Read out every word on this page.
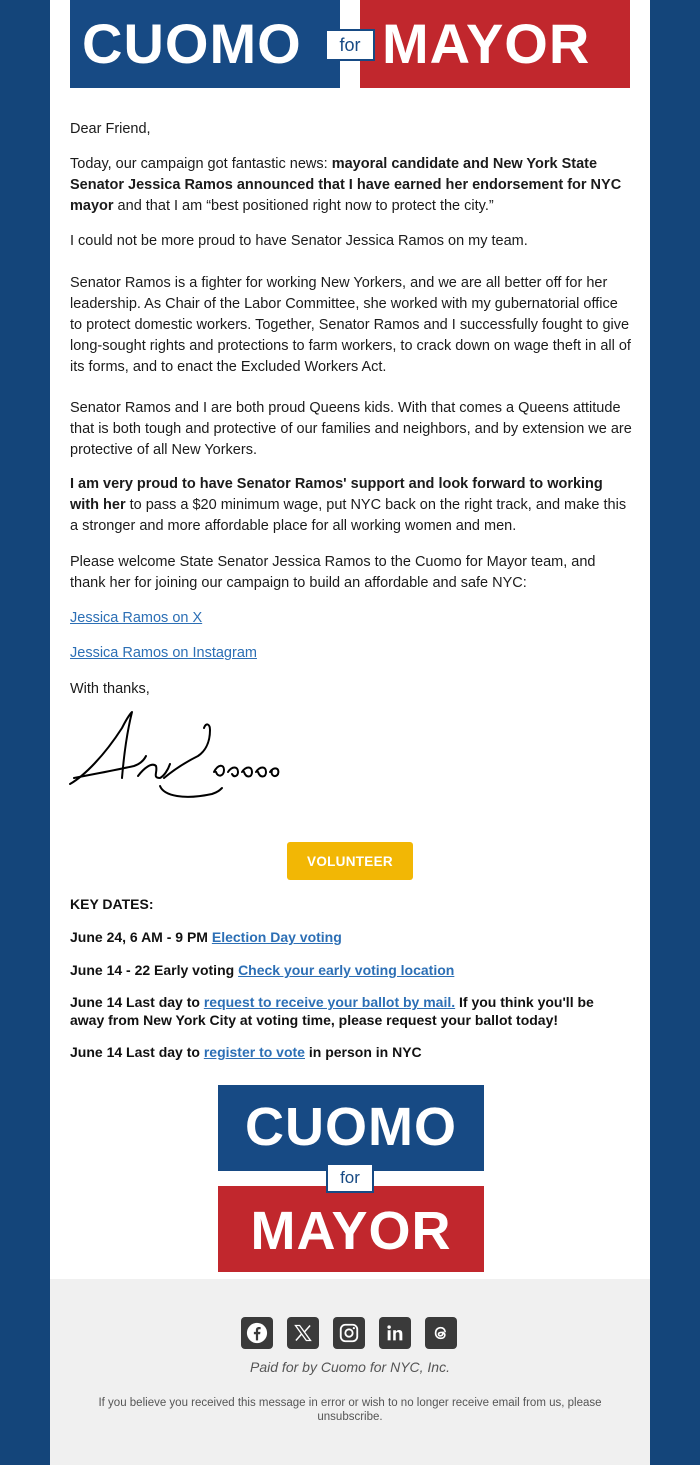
CUOMO	MAYOR
for

Dear Friend,

Today, our campaign got fantastic news: mayoral candidate and New York State Senator Jessica Ramos announced that I have earned her endorsement for NYC mayor and that I am “best positioned right now to protect the city.”

I could not be more proud to have Senator Jessica Ramos on my team.

Senator Ramos is a fighter for working New Yorkers, and we are all better off for her leadership. As Chair of the Labor Committee, she worked with my gubernatorial office to protect domestic workers. Together, Senator Ramos and I successfully fought to give long-sought rights and protections to farm workers, to crack down on wage theft in all of its forms, and to enact the Excluded Workers Act.

Senator Ramos and I are both proud Queens kids. With that comes a Queens attitude that is both tough and protective of our families and neighbors, and by extension we are protective of all New Yorkers.

I am very proud to have Senator Ramos' support and look forward to working with her to pass a $20 minimum wage, put NYC back on the right track, and make this a stronger and more affordable place for all working women and men.

Please welcome State Senator Jessica Ramos to the Cuomo for Mayor team, and thank her for joining our campaign to build an affordable and safe NYC:

Jessica Ramos on X
Jessica Ramos on Instagram

With thanks,

VOLUNTEER
KEY DATES:
June 24, 6 AM - 9 PM Election Day voting
June 14 - 22 Early voting Check your early voting location
June 14 Last day to request to receive your ballot by mail. If you think you'll be away from New York City at voting time, please request your ballot today!
June 14 Last day to register to vote in person in NYC
CUOMO
MAYOR
for
Paid for by Cuomo for NYC, Inc.
If you believe you received this message in error or wish to no longer receive email from us, please unsubscribe.
